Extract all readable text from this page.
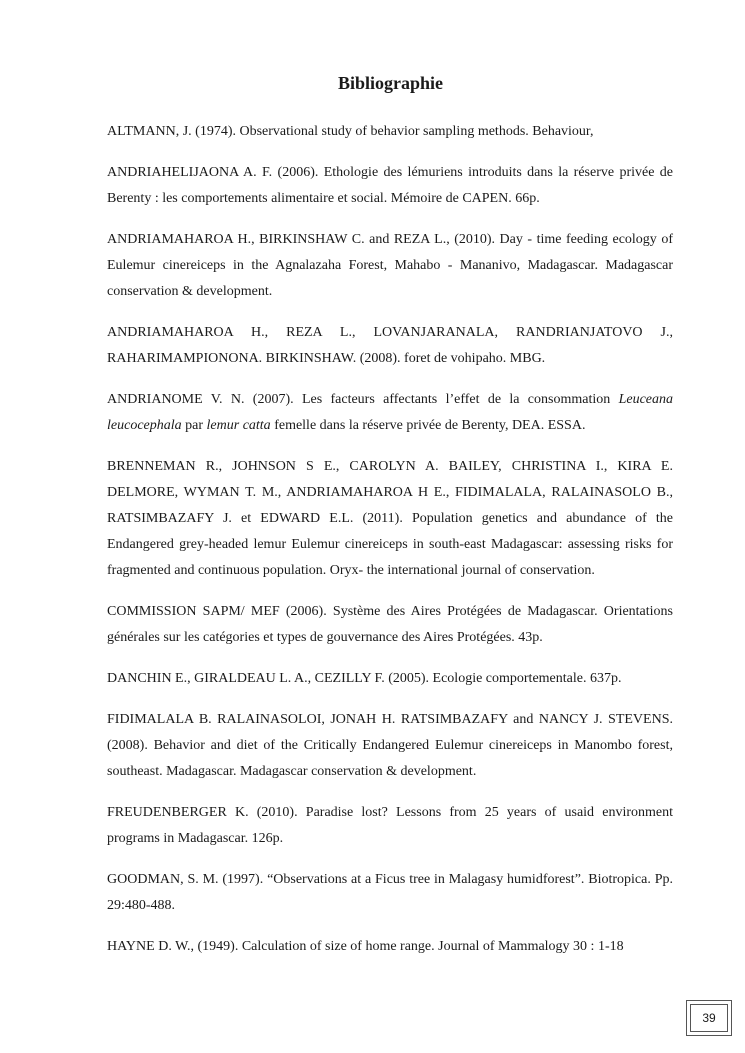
Bibliographie

ALTMANN, J. (1974). Observational study of behavior sampling methods. Behaviour,

ANDRIAHELIJAONA A. F. (2006). Ethologie des lémuriens introduits dans la réserve privée de Berenty : les comportements alimentaire et social. Mémoire de CAPEN. 66p.

ANDRIAMAHAROA H., BIRKINSHAW C. and REZA L., (2010). Day - time feeding ecology of Eulemur cinereiceps in the Agnalazaha Forest, Mahabo - Mananivo, Madagascar. Madagascar conservation & development.

ANDRIAMAHAROA H., REZA L., LOVANJARANALA, RANDRIANJATOVO J., RAHARIMAMPIONONA. BIRKINSHAW. (2008). foret de vohipaho. MBG.

ANDRIANOME V. N. (2007). Les facteurs affectants l’effet de la consommation Leuceana leucocephala par lemur catta femelle dans la réserve privée de Berenty, DEA. ESSA.

BRENNEMAN R., JOHNSON S E., CAROLYN A. BAILEY, CHRISTINA I., KIRA E. DELMORE, WYMAN T. M., ANDRIAMAHAROA H E., FIDIMALALA, RALAINASOLO B., RATSIMBAZAFY J. et EDWARD E.L. (2011). Population genetics and abundance of the Endangered grey-headed lemur Eulemur cinereiceps in south-east Madagascar: assessing risks for fragmented and continuous population. Oryx- the international journal of conservation.

COMMISSION SAPM/ MEF (2006). Système des Aires Protégées de Madagascar. Orientations générales sur les catégories et types de gouvernance des Aires Protégées. 43p.

DANCHIN E., GIRALDEAU L. A., CEZILLY F. (2005). Ecologie comportementale. 637p.

FIDIMALALA B. RALAINASOLOI, JONAH H. RATSIMBAZAFY and NANCY J. STEVENS. (2008). Behavior and diet of the Critically Endangered Eulemur cinereiceps in Manombo forest, southeast. Madagascar. Madagascar conservation & development.

FREUDENBERGER K. (2010). Paradise lost? Lessons from 25 years of usaid environment programs in Madagascar. 126p.

GOODMAN, S. M. (1997). “Observations at a Ficus tree in Malagasy humidforest”. Biotropica. Pp. 29:480-488.

HAYNE D. W., (1949). Calculation of size of home range. Journal of Mammalogy 30 : 1-18

39
